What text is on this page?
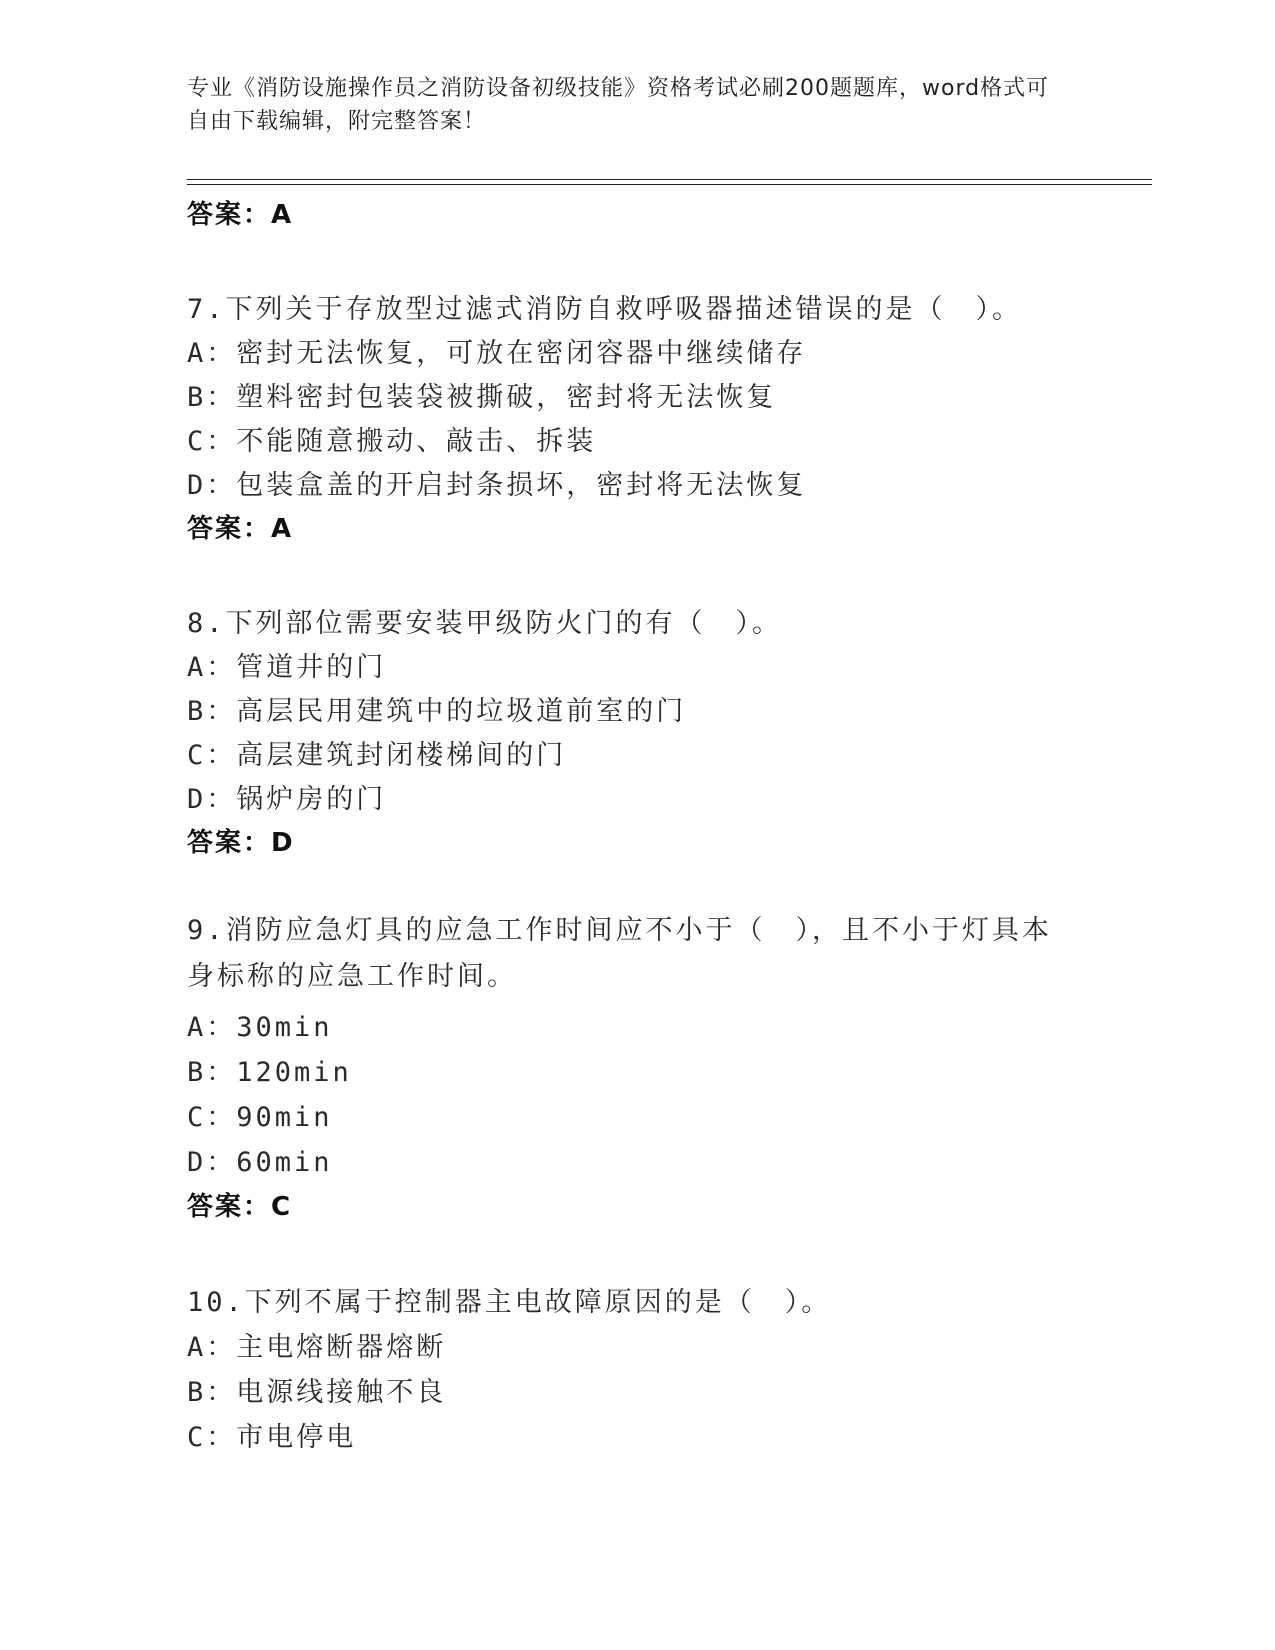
专业《消防设施操作员之消防设备初级技能》资格考试必刷200题题库，word格式可自由下载编辑，附完整答案！
答案：A
7.下列关于存放型过滤式消防自救呼吸器描述错误的是（　）。
A：密封无法恢复，可放在密闭容器中继续储存
B：塑料密封包装袋被撕破，密封将无法恢复
C：不能随意搬动、敲击、拆装
D：包装盒盖的开启封条损坏，密封将无法恢复
答案：A
8.下列部位需要安装甲级防火门的有（　）。
A：管道井的门
B：高层民用建筑中的垃圾道前室的门
C：高层建筑封闭楼梯间的门
D：锅炉房的门
答案：D
9.消防应急灯具的应急工作时间应不小于（　），且不小于灯具本身标称的应急工作时间。
A：30min
B：120min
C：90min
D：60min
答案：C
10.下列不属于控制器主电故障原因的是（　）。
A：主电熔断器熔断
B：电源线接触不良
C：市电停电
